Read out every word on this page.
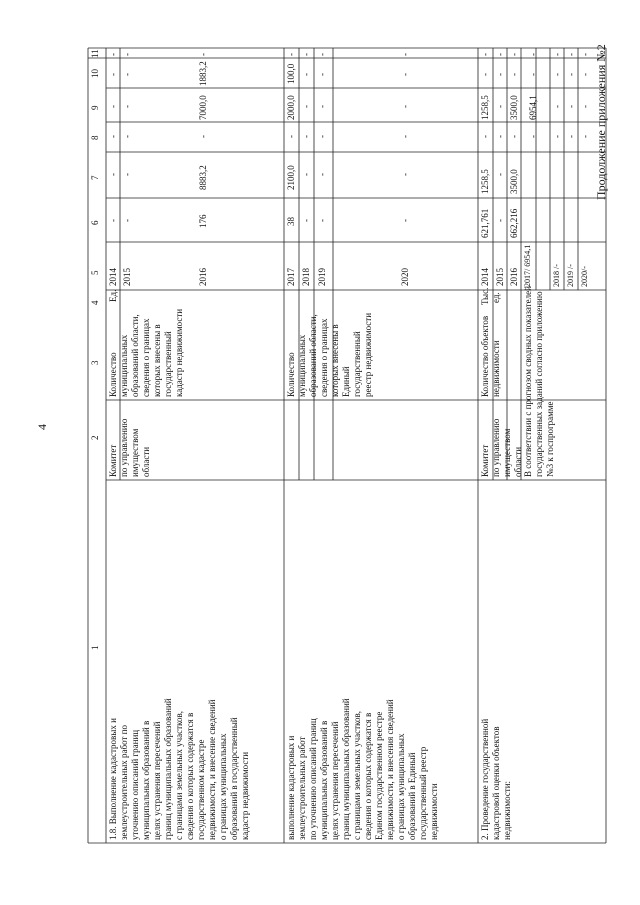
4
Продолжение приложения №2
1
2
3
4
5
6
7
8
9
10
11
1.8. Выполнение кадастровых и землеустроительных работ по уточнению описаний границ муниципальных образований в целях устранения пересечений границ муниципальных образований с границами земельных участков, сведения о которых содержатся в государственном кадастре недвижимости, и внесение сведений о границах муниципальных образований в государственный кадастр недвижимости
Комитет по управлению имуществом области
Количество муниципальных образований области, сведения о границах которых внесены в государственный кадастр недвижимости
Ед.
2014
-
-
-
-
-
-
2015
-
-
-
-
-
-
2016
176
8883,2
-
7000,0
1883,2
-
выполнение кадастровых и землеустроительных работ по уточнению описаний границ муниципальных образований в целях устранения пересечений границ муниципальных образований с границами земельных участков, сведения о которых содержатся в Едином государственном реестре недвижимости, и внесения сведений о границах муниципальных образований в Единый государственный реестр недвижимости
Количество муниципальных образований области, сведения о границах которых внесены в Единый государственный реестр недвижимости
2017
38
2100,0
-
2000,0
100,0
-
2018
-
-
-
-
-
-
2019
-
-
-
-
-
-
2020
-
-
-
-
-
-
2. Проведение государственной кадастровой оценки объектов недвижимости:
Комитет по управлению имуществом области
Количество объектов недвижимости
Тыс. ед.
2014
621,761
1258,5
-
1258,5
-
-
2015
-
-
-
-
-
-
2016
662,216
3500,0
-
3500,0
-
-
В соответствии с прогнозом сводных показателей государственных заданий согласно приложению №3 к госпрограмме
2017/ 6954,1
-
6954,1
-
-
2018 /-
-
-
-
-
2019 /-
-
-
-
-
2020/-
-
-
-
-
